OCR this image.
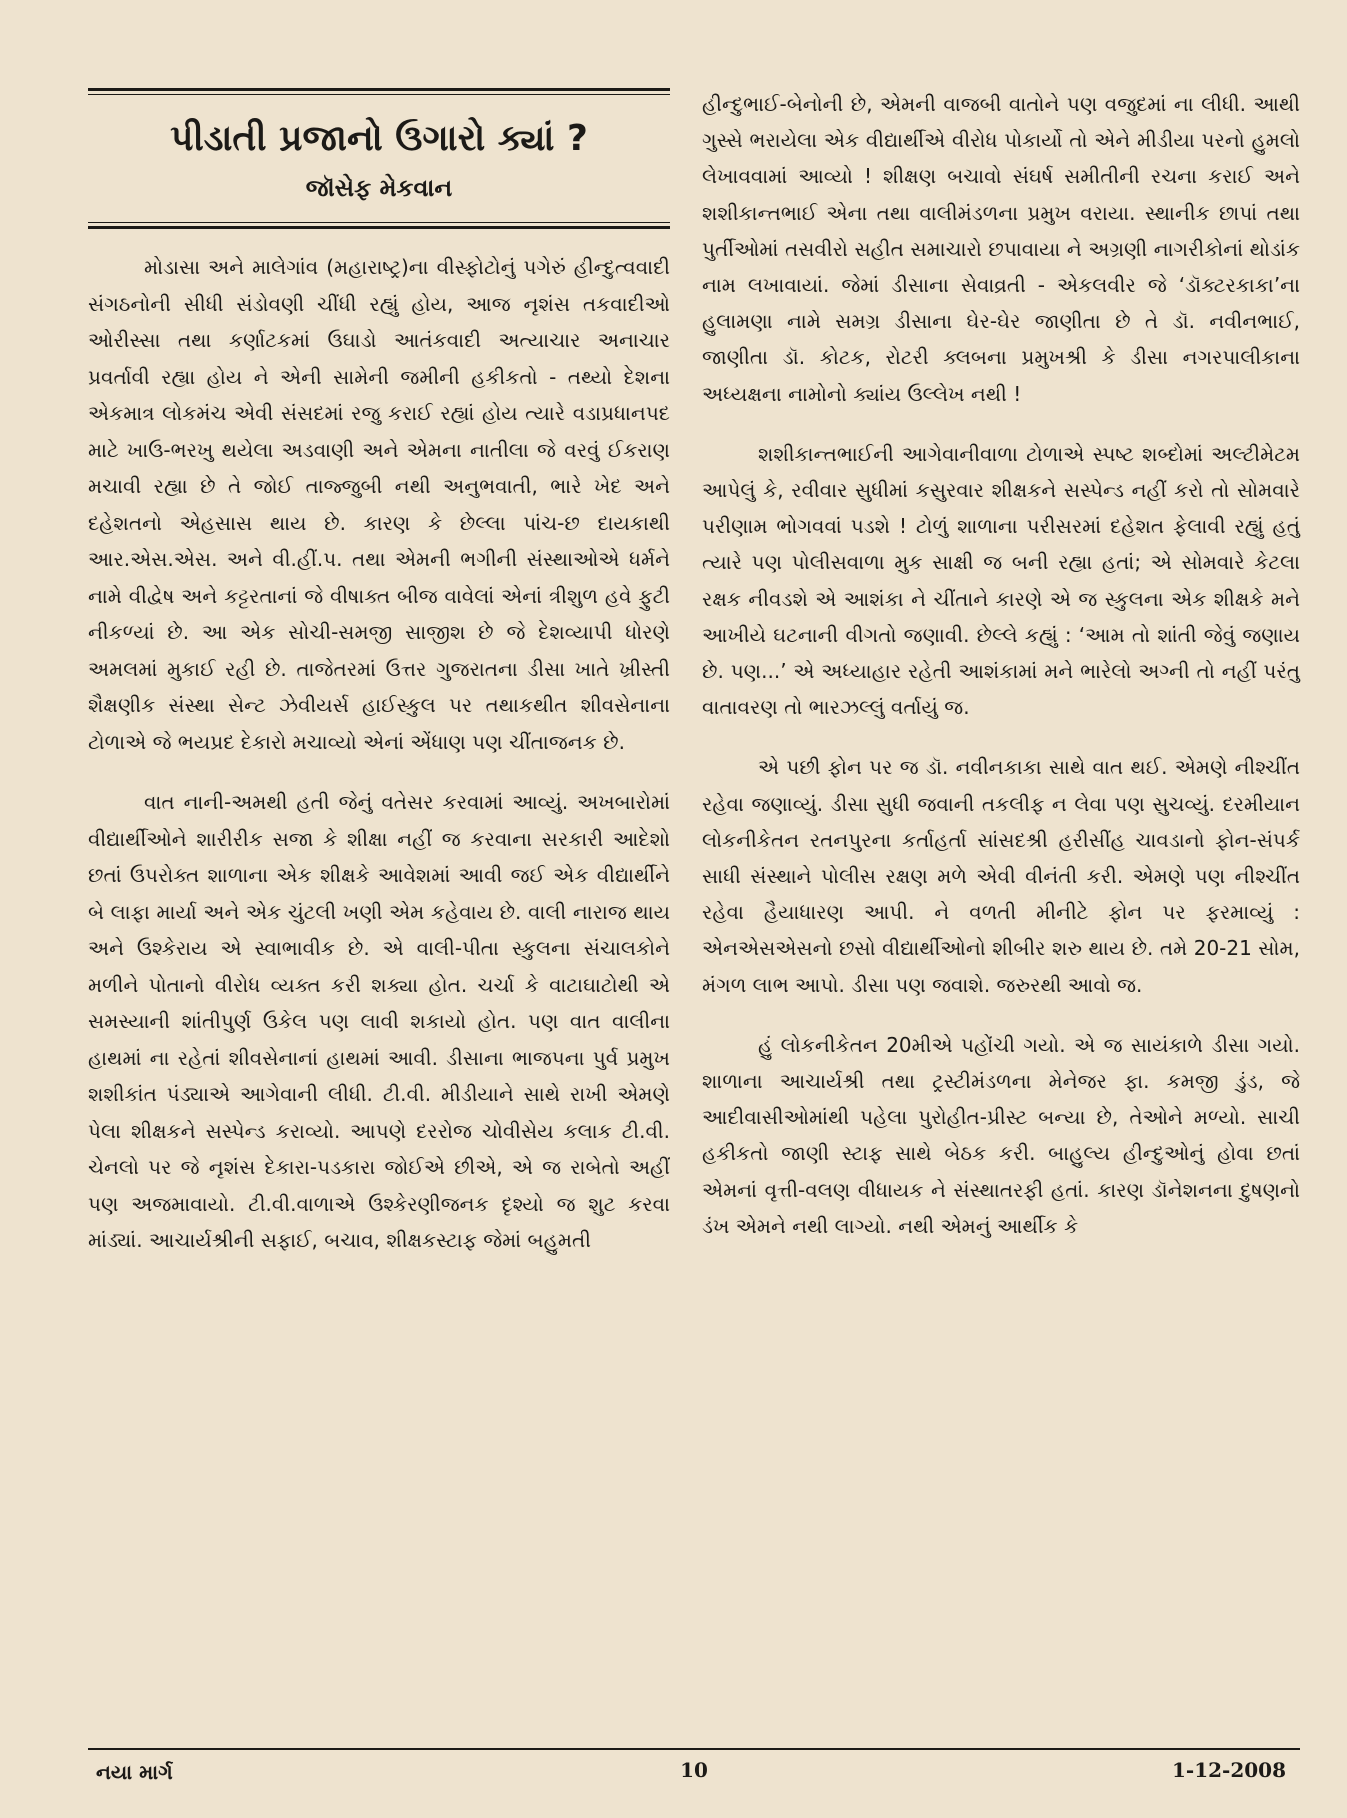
પીડાતી પ્રજાનો ઉગારો ક્યાં ?
જૉસેફ મેકવાન

મોડાસા અને માલેગાંવ (મહારાષ્ટ્ર)ના વીસ્ફોટોનું પગેરું હીન્દુત્વવાદી સંગઠનોની સીધી સંડોવણી ચીંધી રહ્યું હોય, આજ નૃશંસ તકવાદીઓ ઓરીસ્સા તથા કર્ણાટકમાં ઉઘાડો આતંકવાદી અત્યાચાર અનાચાર પ્રવર્તાવી રહ્યા હોય ને એની સામેની જમીની હકીકતો - તથ્યો દેશના એકમાત્ર લોકમંચ એવી સંસદમાં રજુ કરાઈ રહ્યાં હોય ત્યારે વડાપ્રધાનપદ માટે ખાઉ-ભરખુ થયેલા અડવાણી અને એમના નાતીલા જે વરવું ઈકરાણ મચાવી રહ્યા છે તે જોઈ તાજ્જુબી નથી અનુભવાતી, ભારે ખેદ અને દહેશતનો એહસાસ થાય છે. કારણ કે છેલ્લા પાંચ-છ દાયકાથી આર.એસ.એસ. અને વી.હીં.પ. તથા એમની ભગીની સંસ્થાઓએ ધર્મને નામે વીદ્વેષ અને કટ્ટરતાનાં જે વીષાક્ત બીજ વાવેલાં એનાં ત્રીશુળ હવે ફુટી નીકળ્યાં છે. આ એક સોચી-સમજી સાજીશ છે જે દેશવ્યાપી ધોરણે અમલમાં મુકાઈ રહી છે. તાજેતરમાં ઉત્તર ગુજરાતના ડીસા ખાતે ખ્રીસ્તી શૈક્ષણીક સંસ્થા સેન્ટ ઝેવીયર્સ હાઈસ્કુલ પર તથાકથીત શીવસેનાના ટોળાએ જે ભયપ્રદ દેકારો મચાવ્યો એનાં એંધાણ પણ ચીંતાજનક છે.

વાત નાની-અમથી હતી જેનું વતેસર કરવામાં આવ્યું. અખબારોમાં વીદ્યાર્થીઓને શારીરીક સજા કે શીક્ષા નહીં જ કરવાના સરકારી આદેશો છતાં ઉપરોક્ત શાળાના એક શીક્ષકે આવેશમાં આવી જઈ એક વીદ્યાર્થીને બે લાફા માર્યા અને એક ચુંટલી ખણી એમ કહેવાય છે. વાલી નારાજ થાય અને ઉશ્કેરાય એ સ્વાભાવીક છે. એ વાલી-પીતા સ્કુલના સંચાલકોને મળીને પોતાનો વીરોધ વ્યક્ત કરી શક્યા હોત. ચર્ચા કે વાટાઘાટોથી એ સમસ્યાની શાંતીપુર્ણ ઉકેલ પણ લાવી શકાયો હોત. પણ વાત વાલીના હાથમાં ના રહેતાં શીવસેનાનાં હાથમાં આવી. ડીસાના ભાજપના પુર્વ પ્રમુખ શશીકાંત પંડ્યાએ આગેવાની લીધી. ટી.વી. મીડીયાને સાથે રાખી એમણે પેલા શીક્ષકને સસ્પેન્ડ કરાવ્યો. આપણે દરરોજ ચોવીસેય કલાક ટી.વી. ચેનલો પર જે નૃશંસ દેકારા-પડકારા જોઈએ છીએ, એ જ રાબેતો અહીં પણ અજમાવાયો. ટી.વી.વાળાએ ઉશ્કેરણીજનક દૃશ્યો જ શુટ કરવા માંડ્યાં. આચાર્યશ્રીની સફાઈ, બચાવ, શીક્ષકસ્ટાફ જેમાં બહુમતી

હીન્દુભાઈ-બેનોની છે, એમની વાજબી વાતોને પણ વજુદમાં ના લીધી. આથી ગુસ્સે ભરાયેલા એક વીદ્યાર્થીએ વીરોધ પોકાર્યો તો એને મીડીયા પરનો હુમલો લેખાવવામાં આવ્યો ! શીક્ષણ બચાવો સંઘર્ષ સમીતીની રચના કરાઈ અને શશીકાન્તભાઈ એના તથા વાલીમંડળના પ્રમુખ વરાયા. સ્થાનીક છાપાં તથા પુર્તીઓમાં તસવીરો સહીત સમાચારો છપાવાયા ને અગ્રણી નાગરીકોનાં થોડાંક નામ લખાવાયાં. જેમાં ડીસાના સેવાવ્રતી - એકલવીર જે ‘ડૉક્ટરકાકા’ના હુલામણા નામે સમગ્ર ડીસાના ઘેર-ઘેર જાણીતા છે તે ડૉ. નવીનભાઈ, જાણીતા ડૉ. કોટક, રોટરી ક્લબના પ્રમુખશ્રી કે ડીસા નગરપાલીકાના અધ્યક્ષના નામોનો ક્યાંય ઉલ્લેખ નથી !

શશીકાન્તભાઈની આગેવાનીવાળા ટોળાએ સ્પષ્ટ શબ્દોમાં અલ્ટીમેટમ આપેલું કે, રવીવાર સુધીમાં કસુરવાર શીક્ષકને સસ્પેન્ડ નહીં કરો તો સોમવારે પરીણામ ભોગવવાં પડશે ! ટોળું શાળાના પરીસરમાં દહેશત ફેલાવી રહ્યું હતું ત્યારે પણ પોલીસવાળા મુક સાક્ષી જ બની રહ્યા હતાં; એ સોમવારે કેટલા રક્ષક નીવડશે એ આશંકા ને ચીંતાને કારણે એ જ સ્કુલના એક શીક્ષકે મને આખીયે ઘટનાની વીગતો જણાવી. છેલ્લે કહ્યું : ‘આમ તો શાંતી જેવું જણાય છે. પણ...’ એ અધ્યાહાર રહેતી આશંકામાં મને ભારેલો અગ્ની તો નહીં પરંતુ વાતાવરણ તો ભારઝલ્લું વર્તાયું જ.

એ પછી ફોન પર જ ડૉ. નવીનકાકા સાથે વાત થઈ. એમણે નીશ્ચીંત રહેવા જણાવ્યું. ડીસા સુધી જવાની તકલીફ ન લેવા પણ સુચવ્યું. દરમીયાન લોકનીકેતન રતનપુરના કર્તાહર્તા સાંસદશ્રી હરીસીંહ ચાવડાનો ફોન-સંપર્ક સાધી સંસ્થાને પોલીસ રક્ષણ મળે એવી વીનંતી કરી. એમણે પણ નીશ્ચીંત રહેવા હૈયાધારણ આપી. ને વળતી મીનીટે ફોન પર ફરમાવ્યું : એનએસએસનો છસો વીદ્યાર્થીઓનો શીબીર શરુ થાય છે. તમે 20-21 સોમ, મંગળ લાભ આપો. ડીસા પણ જવાશે. જરુરથી આવો જ.

હું લોકનીકેતન 20મીએ પહોંચી ગયો. એ જ સાયંકાળે ડીસા ગયો. શાળાના આચાર્યશ્રી તથા ટ્રસ્ટીમંડળના મેનેજર ફા. કમજી ડુંડ, જે આદીવાસીઓમાંથી પહેલા પુરોહીત-પ્રીસ્ટ બન્યા છે, તેઓને મળ્યો. સાચી હકીકતો જાણી સ્ટાફ સાથે બેઠક કરી. બાહુલ્ય હીન્દુઓનું હોવા છતાં એમનાં વૃત્તી-વલણ વીધાયક ને સંસ્થાતરફી હતાં. કારણ ડૉનેશનના દુષણનો ડંખ એમને નથી લાગ્યો. નથી એમનું આર્થીક કે

નયા માર્ગ	10	1-12-2008
